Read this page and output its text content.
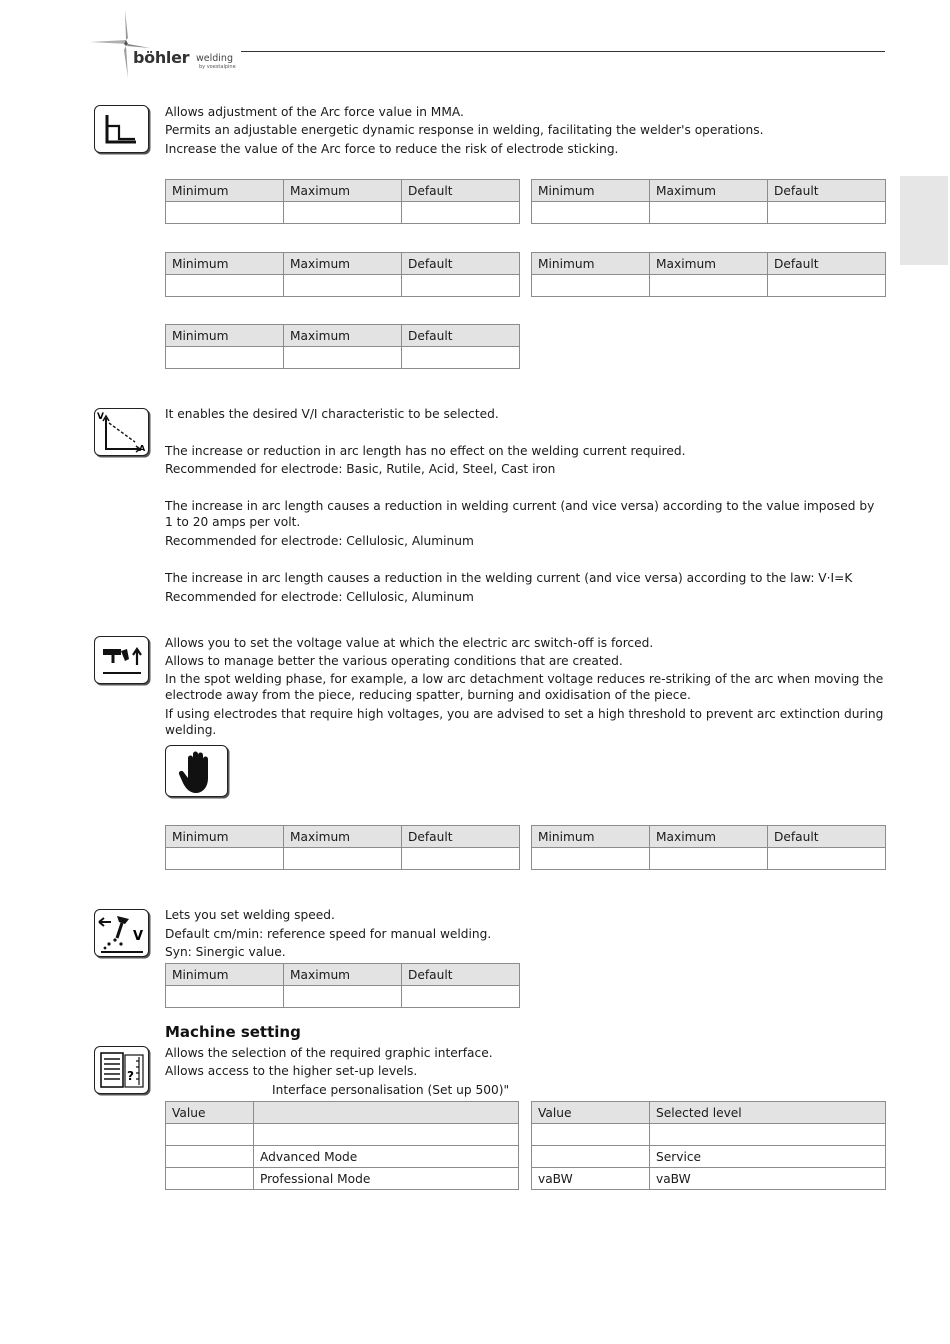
böhler welding
by voestalpine
Allows adjustment of the Arc force value in MMA.
Permits an adjustable energetic dynamic response in welding, facilitating the welder's operations.
Increase the value of the Arc force to reduce the risk of electrode sticking.
Minimum	Maximum	Default
			Minimum	Maximum	Default

Minimum	Maximum	Default
			Minimum	Maximum	Default

Minimum	Maximum	Default

V
A
It enables the desired V/I characteristic to be selected.
The increase or reduction in arc length has no effect on the welding current required.
Recommended for electrode: Basic, Rutile, Acid, Steel, Cast iron
The increase in arc length causes a reduction in welding current (and vice versa) according to the value imposed by 1 to 20 amps per volt.
Recommended for electrode: Cellulosic, Aluminum
The increase in arc length causes a reduction in the welding current (and vice versa) according to the law: V·I=K
Recommended for electrode: Cellulosic, Aluminum
Allows you to set the voltage value at which the electric arc switch-off is forced.
Allows to manage better the various operating conditions that are created.
In the spot welding phase, for example, a low arc detachment voltage reduces re-striking of the arc when moving the electrode away from the piece, reducing spatter, burning and oxidisation of the piece.
If using electrodes that require high voltages, you are advised to set a high threshold to prevent arc extinction during welding.
Minimum	Maximum	Default
			Minimum	Maximum	Default

V
Lets you set welding speed.
Default cm/min: reference speed for manual welding.
Syn: Sinergic value.
Minimum	Maximum	Default

Machine setting
?
Allows the selection of the required graphic interface.
Allows access to the higher set-up levels.
Interface personalisation (Set up 500)"
Value	

	Advanced Mode
	Professional Mode
Value	Selected level

	Service
vaBW	vaBW
